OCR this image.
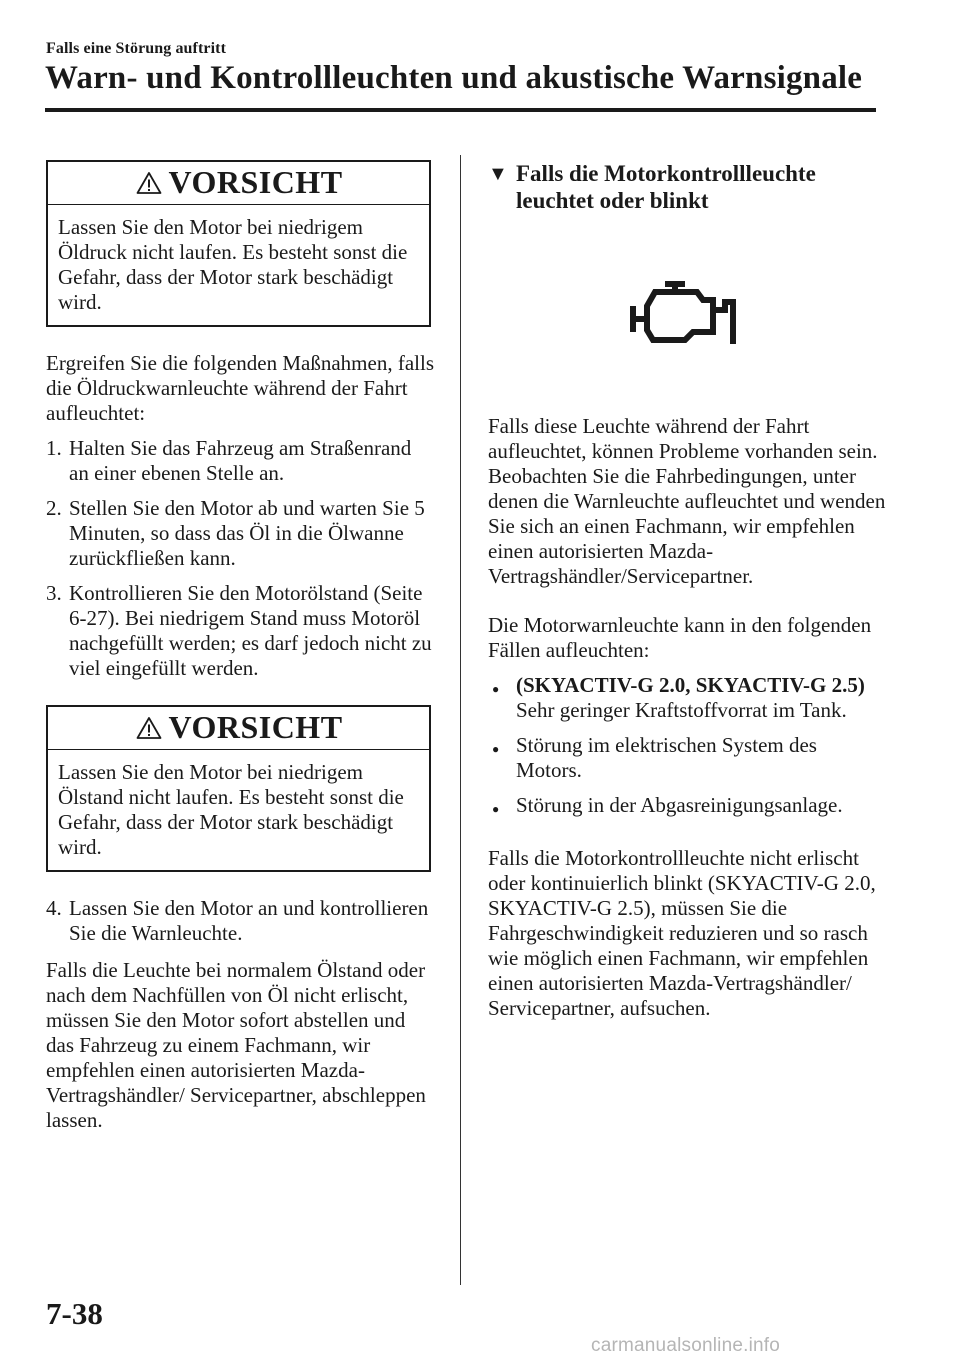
Falls eine Störung auftritt
Warn- und Kontrollleuchten und akustische Warnsignale
VORSICHT

Lassen Sie den Motor bei niedrigem Öldruck nicht laufen. Es besteht sonst die Gefahr, dass der Motor stark beschädigt wird.

Ergreifen Sie die folgenden Maßnahmen, falls die Öldruckwarnleuchte während der Fahrt aufleuchtet:

1. Halten Sie das Fahrzeug am Straßenrand an einer ebenen Stelle an.
2. Stellen Sie den Motor ab und warten Sie 5 Minuten, so dass das Öl in die Ölwanne zurückfließen kann.
3. Kontrollieren Sie den Motorölstand (Seite 6-27). Bei niedrigem Stand muss Motoröl nachgefüllt werden; es darf jedoch nicht zu viel eingefüllt werden.
VORSICHT

Lassen Sie den Motor bei niedrigem Ölstand nicht laufen. Es besteht sonst die Gefahr, dass der Motor stark beschädigt wird.

4. Lassen Sie den Motor an und kontrollieren Sie die Warnleuchte.

Falls die Leuchte bei normalem Ölstand oder nach dem Nachfüllen von Öl nicht erlischt, müssen Sie den Motor sofort abstellen und das Fahrzeug zu einem Fachmann, wir empfehlen einen autorisierten Mazda-Vertragshändler/ Servicepartner, abschleppen lassen.

▼ Falls die Motorkontrollleuchte leuchtet oder blinkt

Falls diese Leuchte während der Fahrt aufleuchtet, können Probleme vorhanden sein. Beobachten Sie die Fahrbedingungen, unter denen die Warnleuchte aufleuchtet und wenden Sie sich an einen Fachmann, wir empfehlen einen autorisierten Mazda-Vertragshändler/Servicepartner.

Die Motorwarnleuchte kann in den folgenden Fällen aufleuchten:

● (SKYACTIV-G 2.0, SKYACTIV-G 2.5)
Sehr geringer Kraftstoffvorrat im Tank.
● Störung im elektrischen System des Motors.
● Störung in der Abgasreinigungsanlage.

Falls die Motorkontrollleuchte nicht erlischt oder kontinuierlich blinkt (SKYACTIV-G 2.0, SKYACTIV-G 2.5), müssen Sie die Fahrgeschwindigkeit reduzieren und so rasch wie möglich einen Fachmann, wir empfehlen einen autorisierten Mazda-Vertragshändler/ Servicepartner, aufsuchen.

7-38
carmanualsonline.info
